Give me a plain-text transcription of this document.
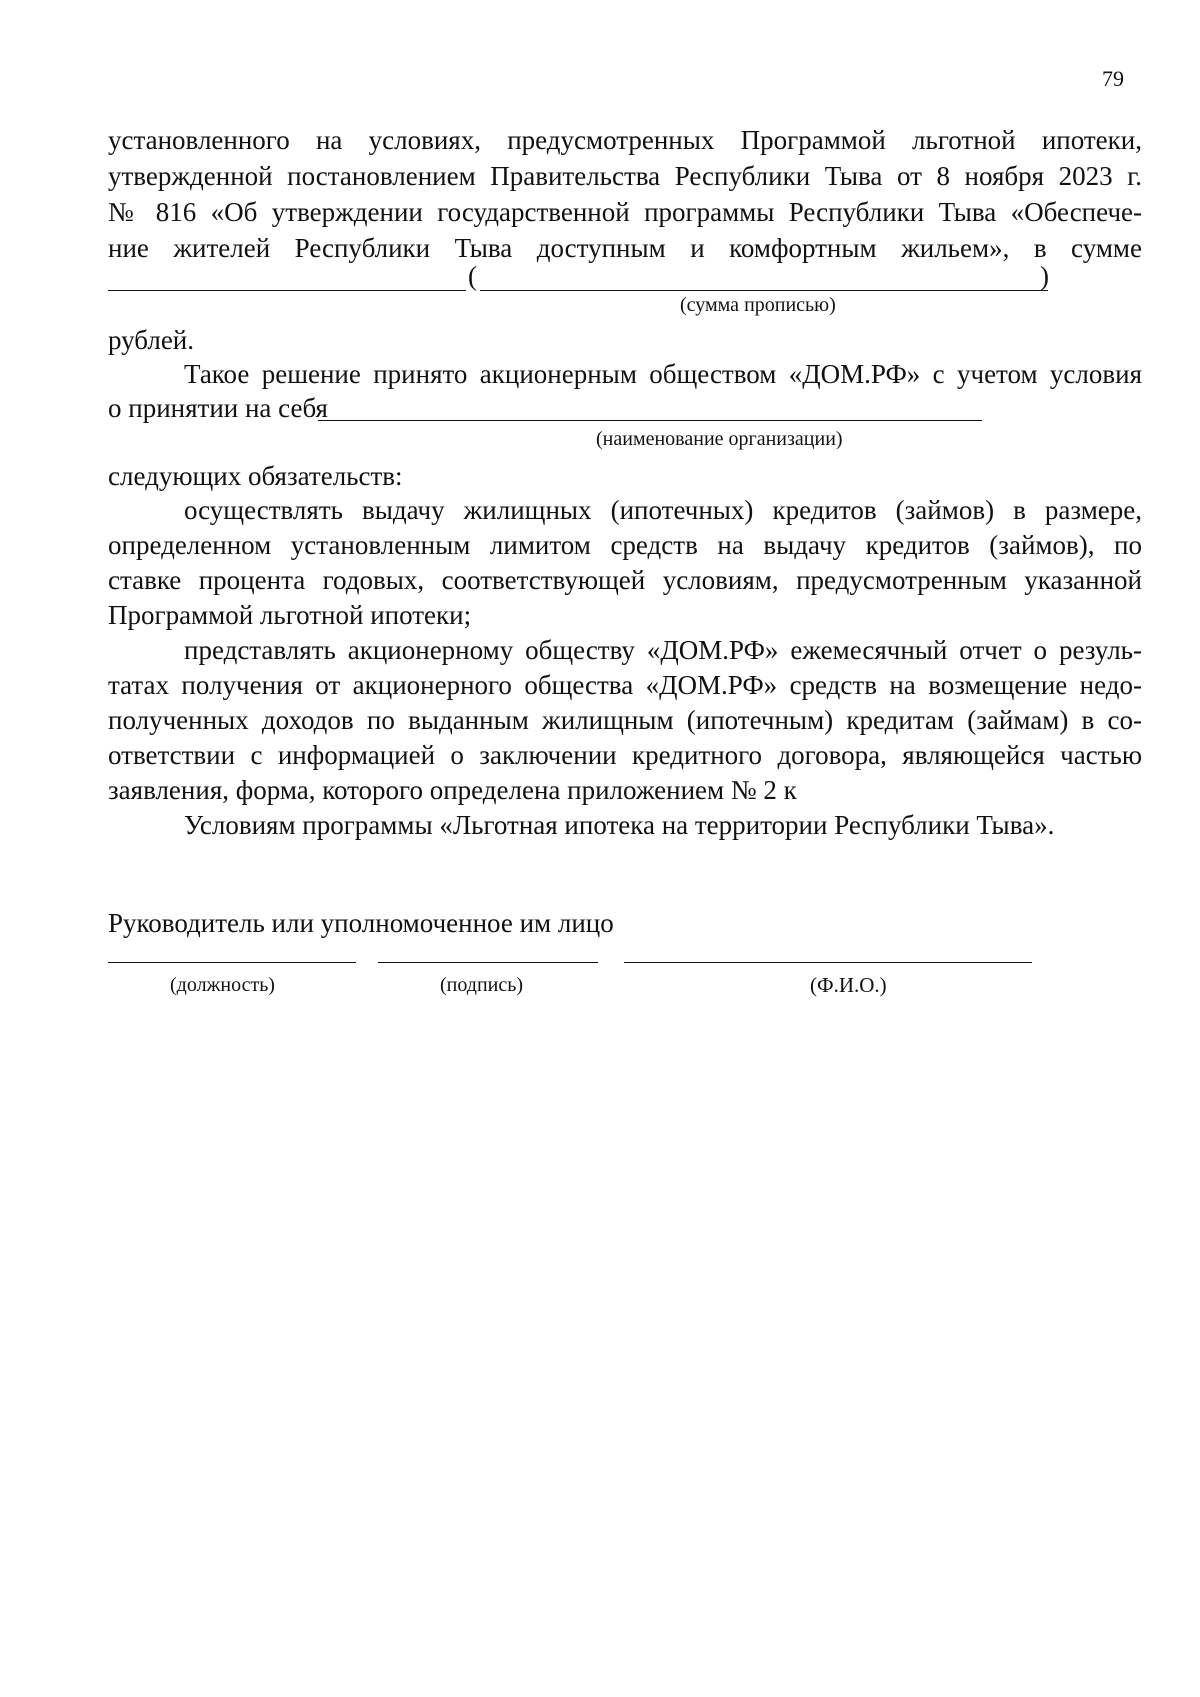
79
установленного на условиях, предусмотренных Программой льготной ипотеки,
утвержденной постановлением Правительства Республики Тыва от 8 ноября 2023 г.
№ 816 «Об утверждении государственной программы Республики Тыва «Обеспече-
ние жителей Республики Тыва доступным и комфортным жильем», в сумме
(	)
(сумма прописью)
рублей.
Такое решение принято акционерным обществом «ДОМ.РФ» с учетом условия
о принятии на себя
(наименование организации)
следующих обязательств:
осуществлять выдачу жилищных (ипотечных) кредитов (займов) в размере,
определенном установленным лимитом средств на выдачу кредитов (займов), по
ставке процента годовых, соответствующей условиям, предусмотренным указанной
Программой льготной ипотеки;
представлять акционерному обществу «ДОМ.РФ» ежемесячный отчет о резуль-
татах получения от акционерного общества «ДОМ.РФ» средств на возмещение недо-
полученных доходов по выданным жилищным (ипотечным) кредитам (займам) в со-
ответствии с информацией о заключении кредитного договора, являющейся частью
заявления, форма, которого определена приложением № 2 к
Условиям программы «Льготная ипотека на территории Республики Тыва».
Руководитель или уполномоченное им лицо
(должность)	(подпись)	(Ф.И.О.)
